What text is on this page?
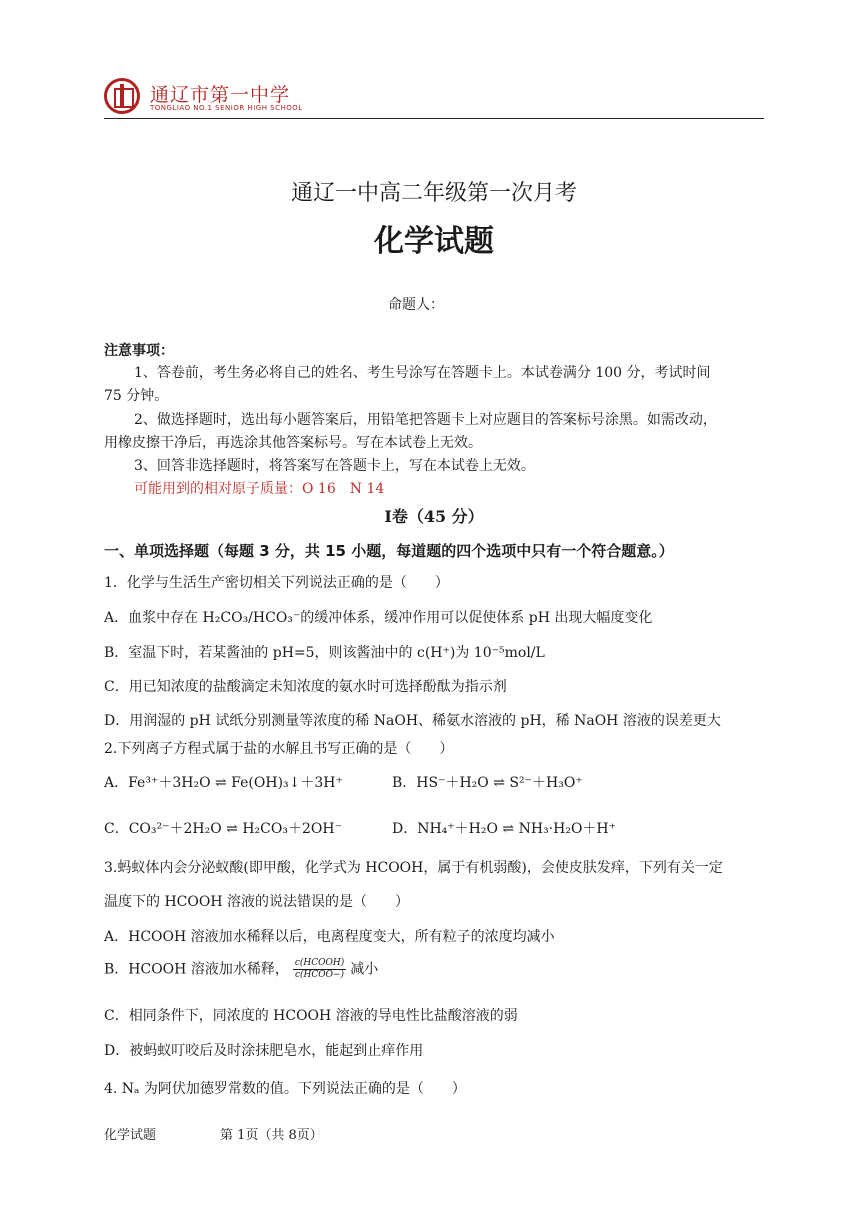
通辽市第一中学
TONGLIAO NO.1 SENIOR HIGH SCHOOL
通辽一中高二年级第一次月考
化学试题
命题人：
注意事项：
1、答卷前，考生务必将自己的姓名、考生号涂写在答题卡上。本试卷满分 100 分，考试时间
75 分钟。
2、做选择题时，选出每小题答案后，用铅笔把答题卡上对应题目的答案标号涂黑。如需改动，
用橡皮擦干净后，再选涂其他答案标号。写在本试卷上无效。
3、回答非选择题时，将答案写在答题卡上，写在本试卷上无效。
可能用到的相对原子质量：O 16　N 14
I卷（45 分）
一、单项选择题（每题 3 分，共 15 小题，每道题的四个选项中只有一个符合题意。）
1．化学与生活生产密切相关下列说法正确的是（　　）
A．血浆中存在 H₂CO₃/HCO₃⁻的缓冲体系，缓冲作用可以促使体系 pH 出现大幅度变化
B．室温下时，若某酱油的 pH=5，则该酱油中的 c(H⁺)为 10⁻⁵mol/L
C．用已知浓度的盐酸滴定未知浓度的氨水时可选择酚酞为指示剂
D．用润湿的 pH 试纸分别测量等浓度的稀 NaOH、稀氨水溶液的 pH，稀 NaOH 溶液的误差更大
2.下列离子方程式属于盐的水解且书写正确的是（　　）
A．Fe³⁺＋3H₂O ⇌ Fe(OH)₃↓＋3H⁺	B．HS⁻＋H₂O ⇌ S²⁻＋H₃O⁺
C．CO₃²⁻＋2H₂O ⇌ H₂CO₃＋2OH⁻	D．NH₄⁺＋H₂O ⇌ NH₃·H₂O＋H⁺
3.蚂蚁体内会分泌蚁酸(即甲酸，化学式为 HCOOH，属于有机弱酸)，会使皮肤发痒，下列有关一定
温度下的 HCOOH 溶液的说法错误的是（　　）
A．HCOOH 溶液加水稀释以后，电离程度变大，所有粒子的浓度均减小
B．HCOOH 溶液加水稀释， $\frac{\text{c(HCOOH)}}{\text{c(HCOO−)}}$ 减小
C．相同条件下，同浓度的 HCOOH 溶液的导电性比盐酸溶液的弱
D．被蚂蚁叮咬后及时涂抹肥皂水，能起到止痒作用
4. Nₐ 为阿伏加德罗常数的值。下列说法正确的是（　　）
化学试题	第 1页（共 8页）
